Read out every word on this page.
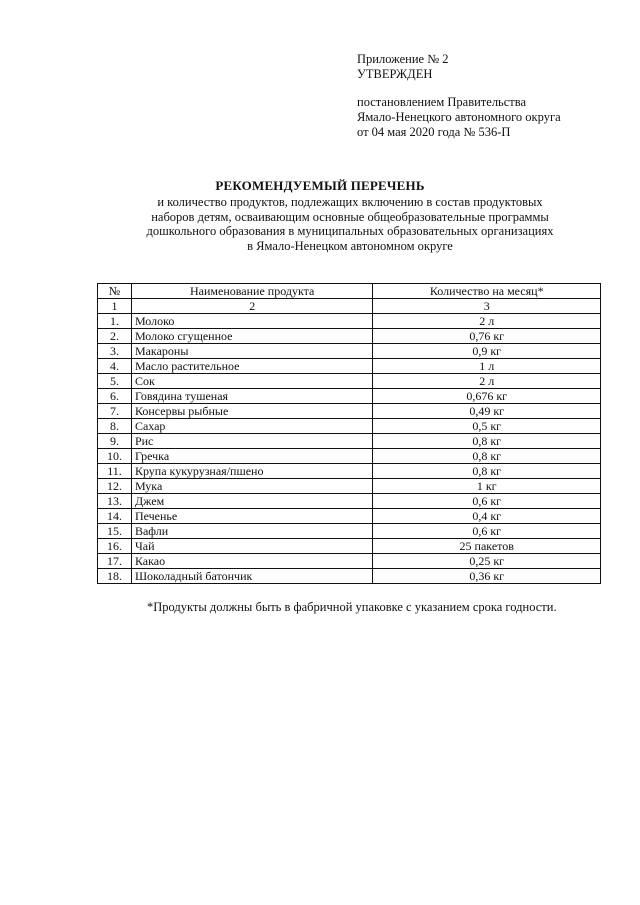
Приложение № 2
УТВЕРЖДЕН
постановлением Правительства
Ямало-Ненецкого автономного округа
от 04 мая 2020 года № 536-П
РЕКОМЕНДУЕМЫЙ ПЕРЕЧЕНЬ
и количество продуктов, подлежащих включению в состав продуктовых
наборов детям, осваивающим основные общеобразовательные программы
дошкольного образования в муниципальных образовательных организациях
в Ямало-Ненецком автономном округе
№	Наименование продукта	Количество на месяц*
1	2	3
1.	Молоко	2 л
2.	Молоко сгущенное	0,76 кг
3.	Макароны	0,9 кг
4.	Масло растительное	1 л
5.	Сок	2 л
6.	Говядина тушеная	0,676 кг
7.	Консервы рыбные	0,49 кг
8.	Сахар	0,5 кг
9.	Рис	0,8 кг
10.	Гречка	0,8 кг
11.	Крупа кукурузная/пшено	0,8 кг
12.	Мука	1 кг
13.	Джем	0,6 кг
14.	Печенье	0,4 кг
15.	Вафли	0,6 кг
16.	Чай	25 пакетов
17.	Какао	0,25 кг
18.	Шоколадный батончик	0,36 кг
*Продукты должны быть в фабричной упаковке с указанием срока годности.
